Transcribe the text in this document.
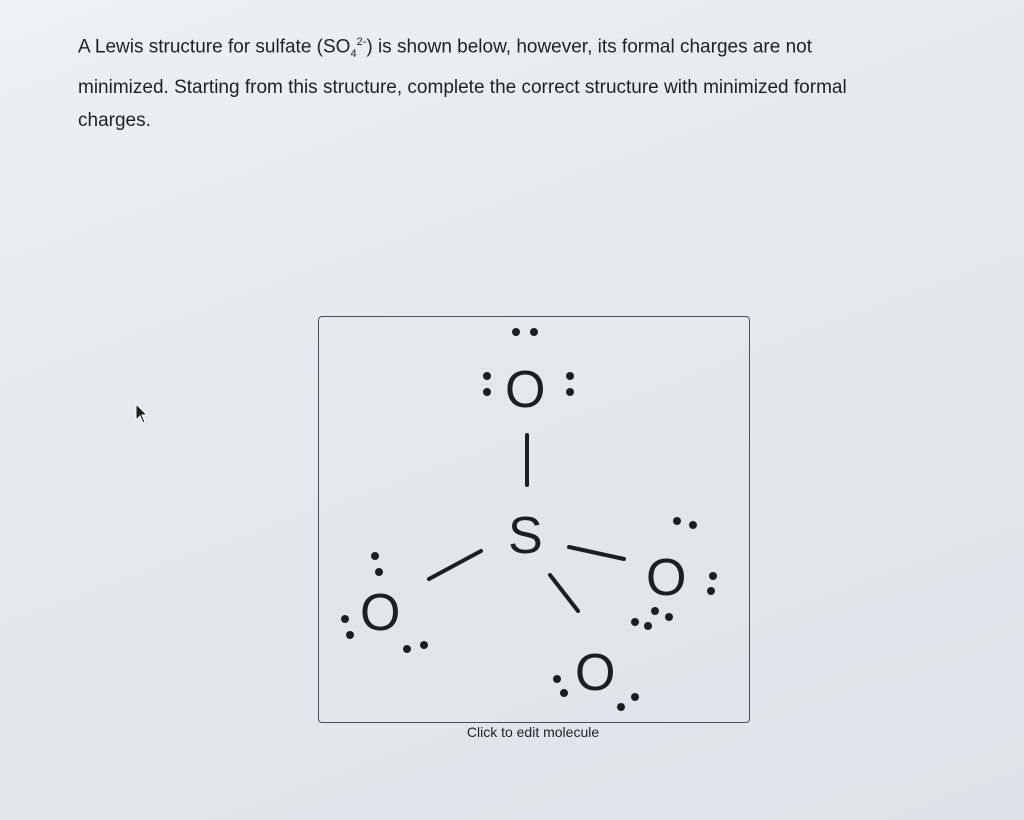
A Lewis structure for sulfate $(SO_4^{2-})$ is shown below, however, its formal charges are not
minimized. Starting from this structure, complete the correct structure with minimized formal
charges.
O
S
O
O
O
Click to edit molecule
